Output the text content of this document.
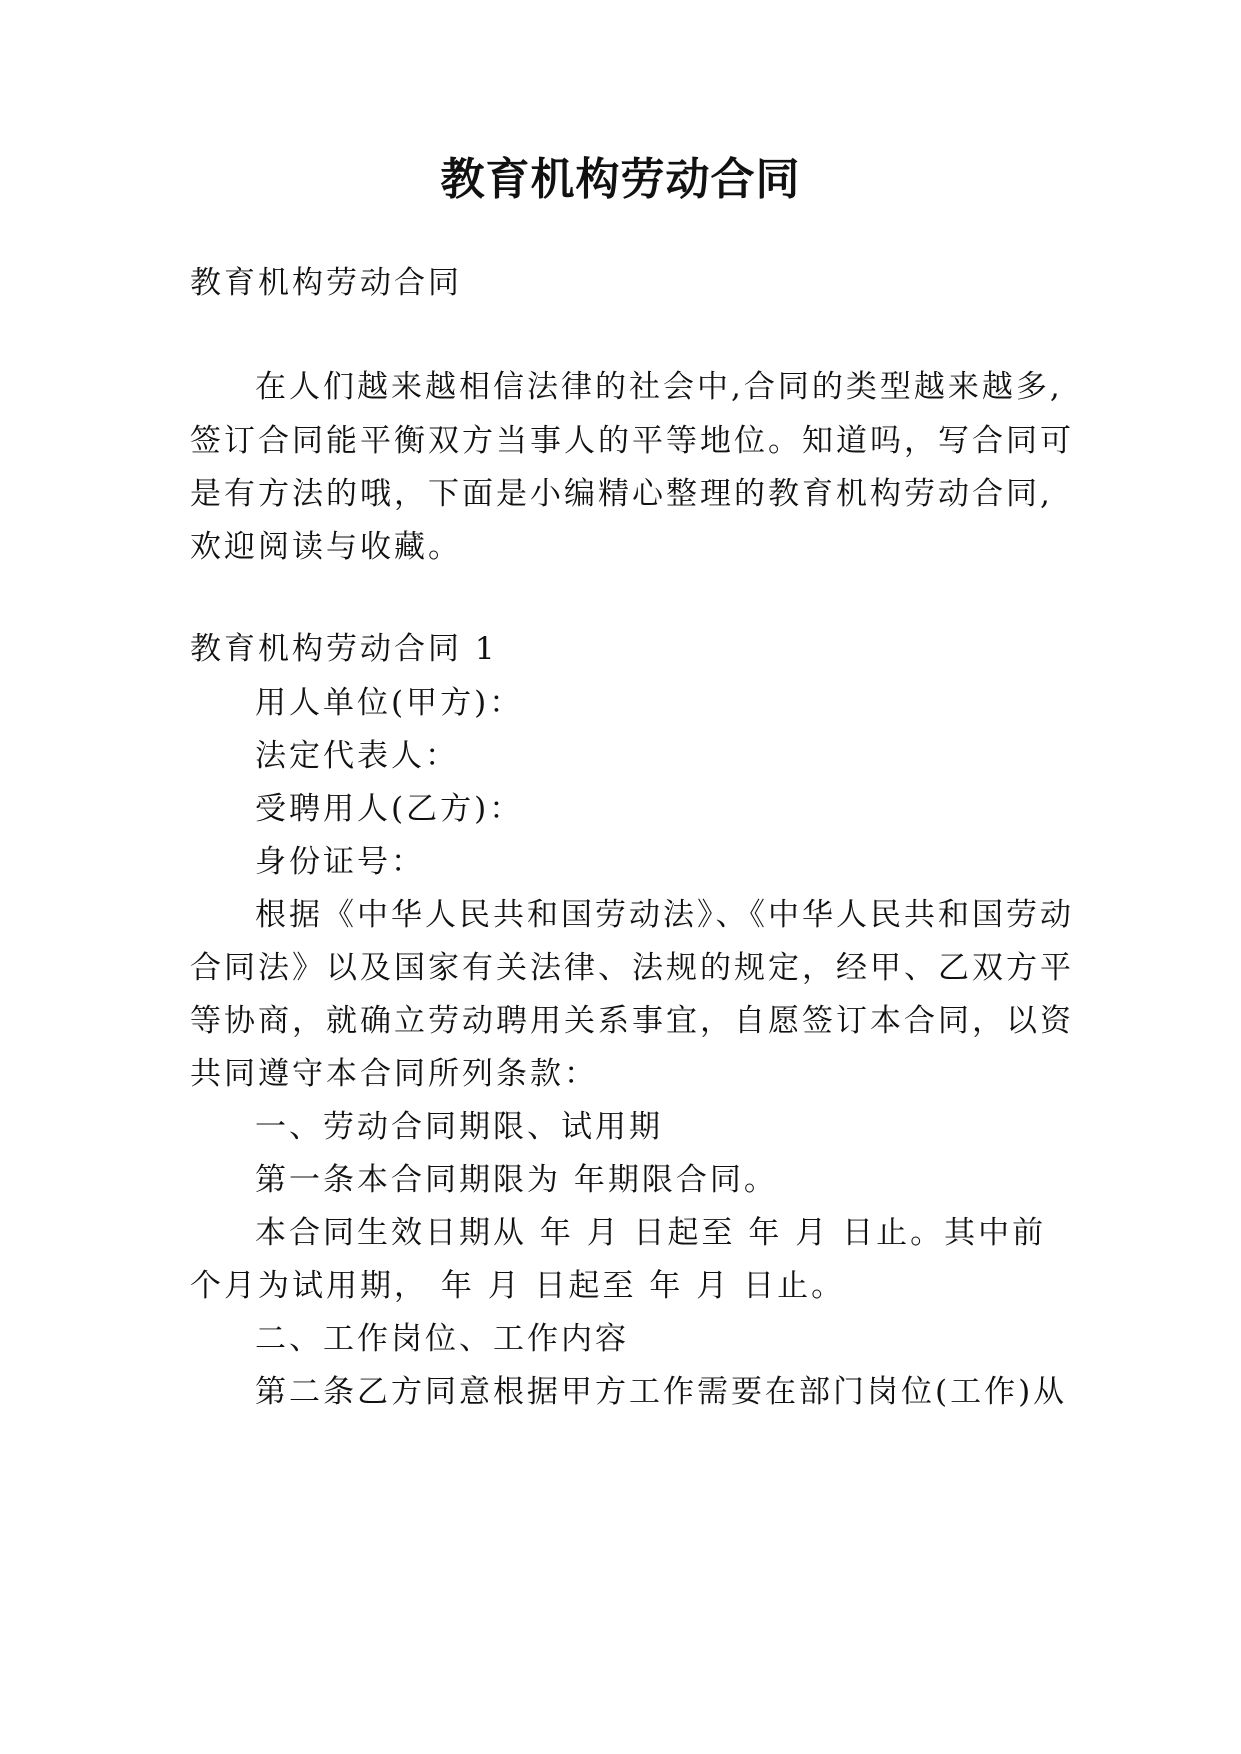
教育机构劳动合同
教育机构劳动合同
在人们越来越相信法律的社会中,合同的类型越来越多,
签订合同能平衡双方当事人的平等地位。知道吗，写合同可
是有方法的哦，下面是小编精心整理的教育机构劳动合同,
欢迎阅读与收藏。
教育机构劳动合同 1
用人单位(甲方)：
法定代表人：
受聘用人(乙方)：
身份证号：
根据《中华人民共和国劳动法》、《中华人民共和国劳动
合同法》以及国家有关法律、法规的规定，经甲、乙双方平
等协商，就确立劳动聘用关系事宜，自愿签订本合同，以资
共同遵守本合同所列条款：
一、劳动合同期限、试用期
第一条本合同期限为 年期限合同。
本合同生效日期从 年 月 日起至 年 月 日止。其中前
个月为试用期， 年 月 日起至 年 月 日止。
二、工作岗位、工作内容
第二条乙方同意根据甲方工作需要在部门岗位(工作)从
